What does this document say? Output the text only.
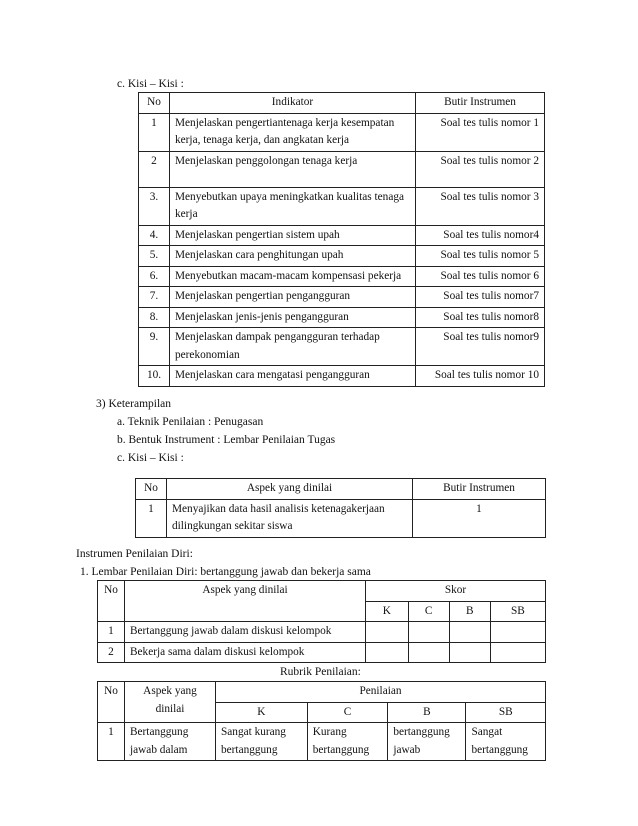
c. Kisi – Kisi :
No	Indikator	Butir Instrumen
1	Menjelaskan pengertiantenaga kerja kesempatan kerja, tenaga kerja, dan angkatan kerja	Soal tes tulis nomor 1
2	Menjelaskan penggolongan tenaga kerja	Soal tes tulis nomor 2
3.	Menyebutkan upaya meningkatkan kualitas tenaga kerja	Soal tes tulis nomor 3
4.	Menjelaskan pengertian sistem upah	Soal tes tulis nomor4
5.	Menjelaskan cara penghitungan upah	Soal tes tulis nomor 5
6.	Menyebutkan macam-macam kompensasi pekerja	Soal tes tulis nomor 6
7.	Menjelaskan pengertian pengangguran	Soal tes tulis nomor7
8.	Menjelaskan jenis-jenis pengangguran	Soal tes tulis nomor8
9.	Menjelaskan dampak pengangguran terhadap perekonomian	Soal tes tulis nomor9
10.	Menjelaskan cara mengatasi pengangguran	Soal tes tulis nomor 10
3) Keterampilan
a. Teknik Penilaian : Penugasan
b. Bentuk Instrument : Lembar Penilaian Tugas
c. Kisi – Kisi :
No	Aspek yang dinilai	Butir Instrumen
1	Menyajikan data hasil analisis ketenagakerjaan dilingkungan sekitar siswa	1
Instrumen Penilaian Diri:
1. Lembar Penilaian Diri: bertanggung jawab dan bekerja sama
No	Aspek yang dinilai	Skor			
		K	C	B	SB
1	Bertanggung jawab dalam diskusi kelompok				
2	Bekerja sama dalam diskusi kelompok				
Rubrik Penilaian:
No	Aspek yang dinilai	Penilaian			
		K	C	B	SB
1	Bertanggung jawab dalam	Sangat kurang bertanggung	Kurang bertanggung	bertanggung jawab	Sangat bertanggung
